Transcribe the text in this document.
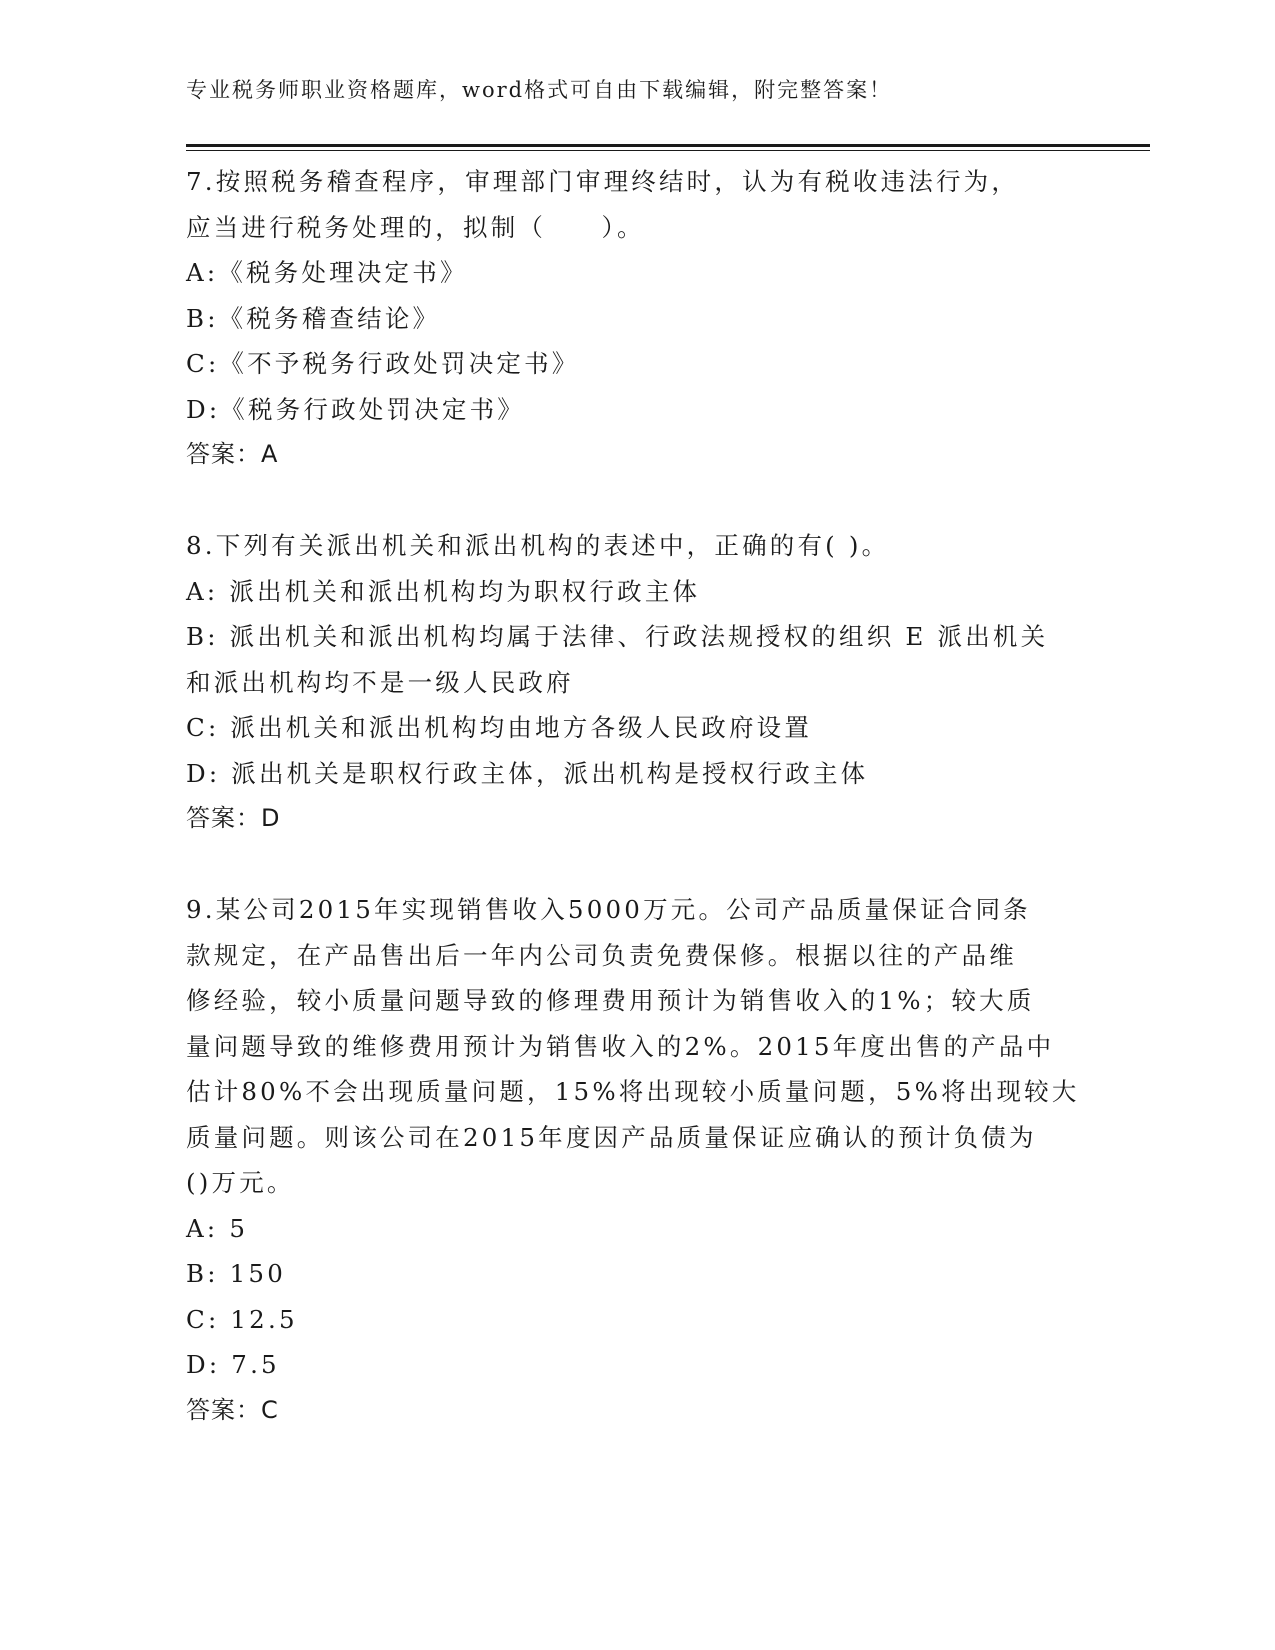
专业税务师职业资格题库，word格式可自由下载编辑，附完整答案！

7.按照税务稽查程序，审理部门审理终结时，认为有税收违法行为，

应当进行税务处理的，拟制（　　）。

A:《税务处理决定书》

B:《税务稽查结论》

C:《不予税务行政处罚决定书》

D:《税务行政处罚决定书》

答案：A

8.下列有关派出机关和派出机构的表述中，正确的有( )。

A: 派出机关和派出机构均为职权行政主体

B: 派出机关和派出机构均属于法律、行政法规授权的组织 E 派出机关

和派出机构均不是一级人民政府

C: 派出机关和派出机构均由地方各级人民政府设置

D: 派出机关是职权行政主体，派出机构是授权行政主体

答案：D

9.某公司2015年实现销售收入5000万元。公司产品质量保证合同条

款规定，在产品售出后一年内公司负责免费保修。根据以往的产品维

修经验，较小质量问题导致的修理费用预计为销售收入的1%；较大质

量问题导致的维修费用预计为销售收入的2%。2015年度出售的产品中

估计80%不会出现质量问题，15%将出现较小质量问题，5%将出现较大

质量问题。则该公司在2015年度因产品质量保证应确认的预计负债为

()万元。

A: 5

B: 150

C: 12.5

D: 7.5

答案：C
